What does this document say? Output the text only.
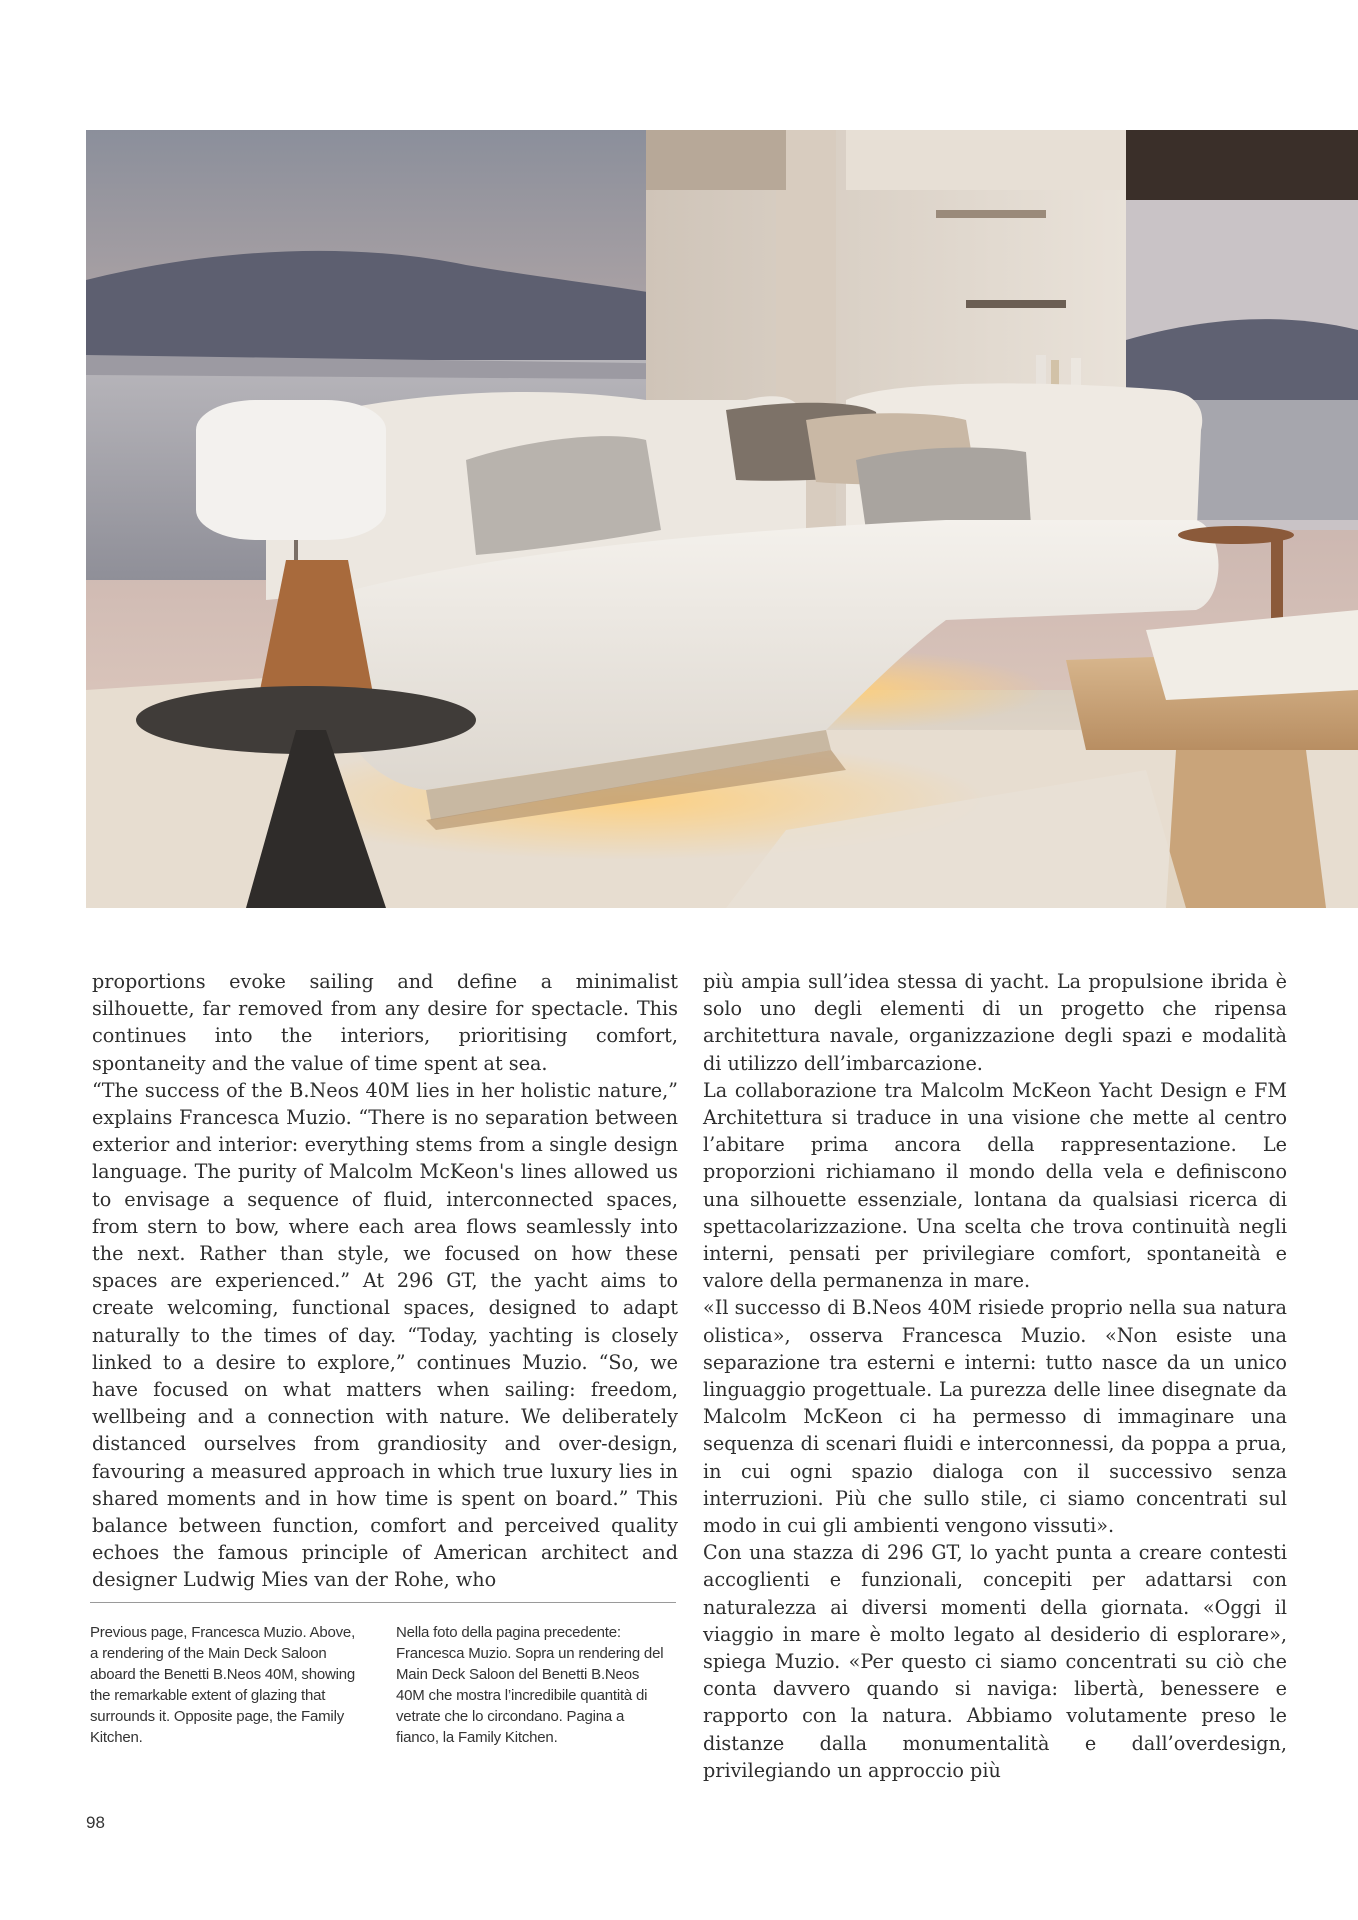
proportions evoke sailing and define a minimalist silhouette, far removed from any desire for spectacle. This continues into the interiors, prioritising comfort, spontaneity and the value of time spent at sea.

“The success of the B.Neos 40M lies in her holistic nature,” explains Francesca Muzio. “There is no separation between exterior and interior: everything stems from a single design language. The purity of Malcolm McKeon's lines allowed us to envisage a sequence of fluid, interconnected spaces, from stern to bow, where each area flows seamlessly into the next. Rather than style, we focused on how these spaces are experienced.” At 296 GT, the yacht aims to create welcoming, functional spaces, designed to adapt naturally to the times of day. “Today, yachting is closely linked to a desire to explore,” continues Muzio. “So, we have focused on what matters when sailing: freedom, wellbeing and a connection with nature. We deliberately distanced ourselves from grandiosity and over-design, favouring a measured approach in which true luxury lies in shared moments and in how time is spent on board.” This balance between function, comfort and perceived quality echoes the famous principle of American architect and designer Ludwig Mies van der Rohe, who

più ampia sull’idea stessa di yacht. La propulsione ibrida è solo uno degli elementi di un progetto che ripensa architettura navale, organizzazione degli spazi e modalità di utilizzo dell’imbarcazione.

La collaborazione tra Malcolm McKeon Yacht Design e FM Architettura si traduce in una visione che mette al centro l’abitare prima ancora della rappresentazione. Le proporzioni richiamano il mondo della vela e definiscono una silhouette essenziale, lontana da qualsiasi ricerca di spettacolarizzazione. Una scelta che trova continuità negli interni, pensati per privilegiare comfort, spontaneità e valore della permanenza in mare.

«Il successo di B.Neos 40M risiede proprio nella sua natura olistica», osserva Francesca Muzio. «Non esiste una separazione tra esterni e interni: tutto nasce da un unico linguaggio progettuale. La purezza delle linee disegnate da Malcolm McKeon ci ha permesso di immaginare una sequenza di scenari fluidi e interconnessi, da poppa a prua, in cui ogni spazio dialoga con il successivo senza interruzioni. Più che sullo stile, ci siamo concentrati sul modo in cui gli ambienti vengono vissuti».

Con una stazza di 296 GT, lo yacht punta a creare contesti accoglienti e funzionali, concepiti per adattarsi con naturalezza ai diversi momenti della giornata. «Oggi il viaggio in mare è molto legato al desiderio di esplorare», spiega Muzio. «Per questo ci siamo concentrati su ciò che conta davvero quando si naviga: libertà, benessere e rapporto con la natura. Abbiamo volutamente preso le distanze dalla monumentalità e dall’overdesign, privilegiando un approccio più

Previous page, Francesca Muzio. Above, a rendering of the Main Deck Saloon aboard the Benetti B.Neos 40M, showing the remarkable extent of glazing that surrounds it. Opposite page, the Family Kitchen.
Nella foto della pagina precedente: Francesca Muzio. Sopra un rendering del Main Deck Saloon del Benetti B.Neos 40M che mostra l’incredibile quantità di vetrate che lo circondano. Pagina a fianco, la Family Kitchen.
98
